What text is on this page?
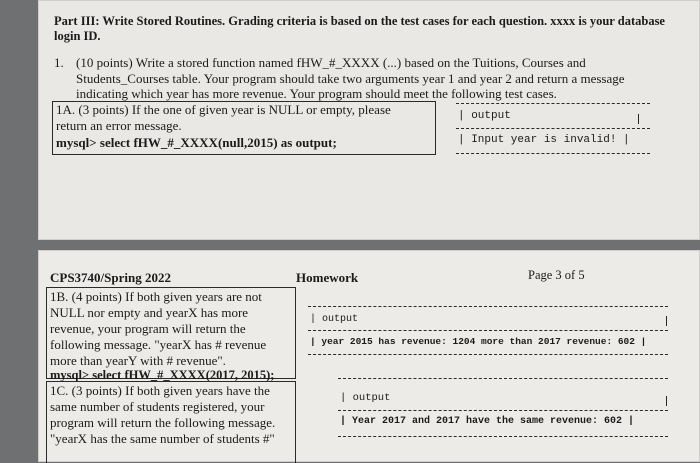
Part III: Write Stored Routines. Grading criteria is based on the test cases for each question. xxxx is your database
login ID.
1. (10 points) Write a stored function named fHW_#_XXXX (...) based on the Tuitions, Courses and
Students_Courses table. Your program should take two arguments year 1 and year 2 and return a message
indicating which year has more revenue. Your program should meet the following test cases.
1A. (3 points) If the one of given year is NULL or empty, please
return an error message.
mysql> select fHW_#_XXXX(null,2015) as output;
| output
| Input year is invalid! |
CPS3740/Spring 2022	Homework	Page 3 of 5
1B. (4 points) If both given years are not
NULL nor empty and yearX has more
revenue, your program will return the
following message. "yearX has # revenue
more than yearY with # revenue".
mysql> select fHW_#_XXXX(2017, 2015);
| output
| year 2015 has revenue: 1204 more than 2017 revenue: 602 |
1C. (3 points) If both given years have the
same number of students registered, your
program will return the following message.
"yearX has the same number of students #"
| output
| Year 2017 and 2017 have the same revenue: 602 |
